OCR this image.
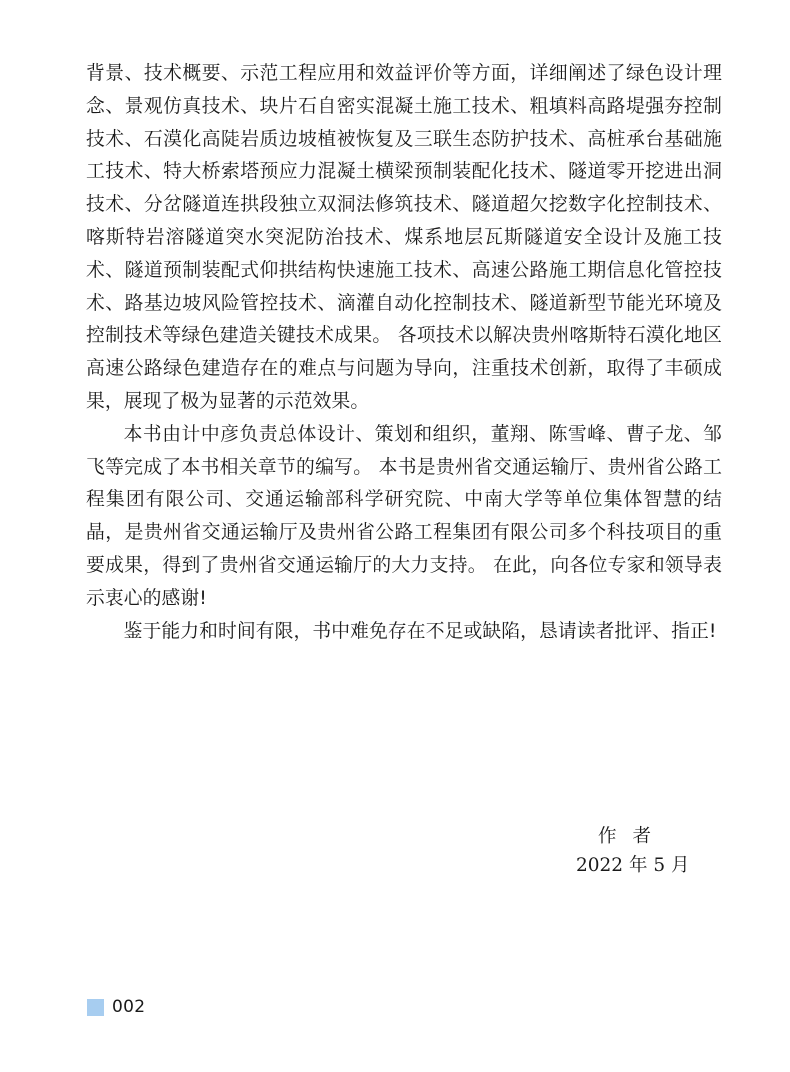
背景、技术概要、示范工程应用和效益评价等方面，详细阐述了绿色设计理念、景观仿真技术、块片石自密实混凝土施工技术、粗填料高路堤强夯控制技术、石漠化高陡岩质边坡植被恢复及三联生态防护技术、高桩承台基础施工技术、特大桥索塔预应力混凝土横梁预制装配化技术、隧道零开挖进出洞技术、分岔隧道连拱段独立双洞法修筑技术、隧道超欠挖数字化控制技术、喀斯特岩溶隧道突水突泥防治技术、煤系地层瓦斯隧道安全设计及施工技术、隧道预制装配式仰拱结构快速施工技术、高速公路施工期信息化管控技术、路基边坡风险管控技术、滴灌自动化控制技术、隧道新型节能光环境及控制技术等绿色建造关键技术成果。 各项技术以解决贵州喀斯特石漠化地区高速公路绿色建造存在的难点与问题为导向，注重技术创新，取得了丰硕成果，展现了极为显著的示范效果。

本书由计中彦负责总体设计、策划和组织，董翔、陈雪峰、曹子龙、邹飞等完成了本书相关章节的编写。 本书是贵州省交通运输厅、贵州省公路工程集团有限公司、交通运输部科学研究院、中南大学等单位集体智慧的结晶，是贵州省交通运输厅及贵州省公路工程集团有限公司多个科技项目的重要成果，得到了贵州省交通运输厅的大力支持。 在此，向各位专家和领导表示衷心的感谢!

鉴于能力和时间有限，书中难免存在不足或缺陷，恳请读者批评、指正!

作者
2022 年 5 月
002
